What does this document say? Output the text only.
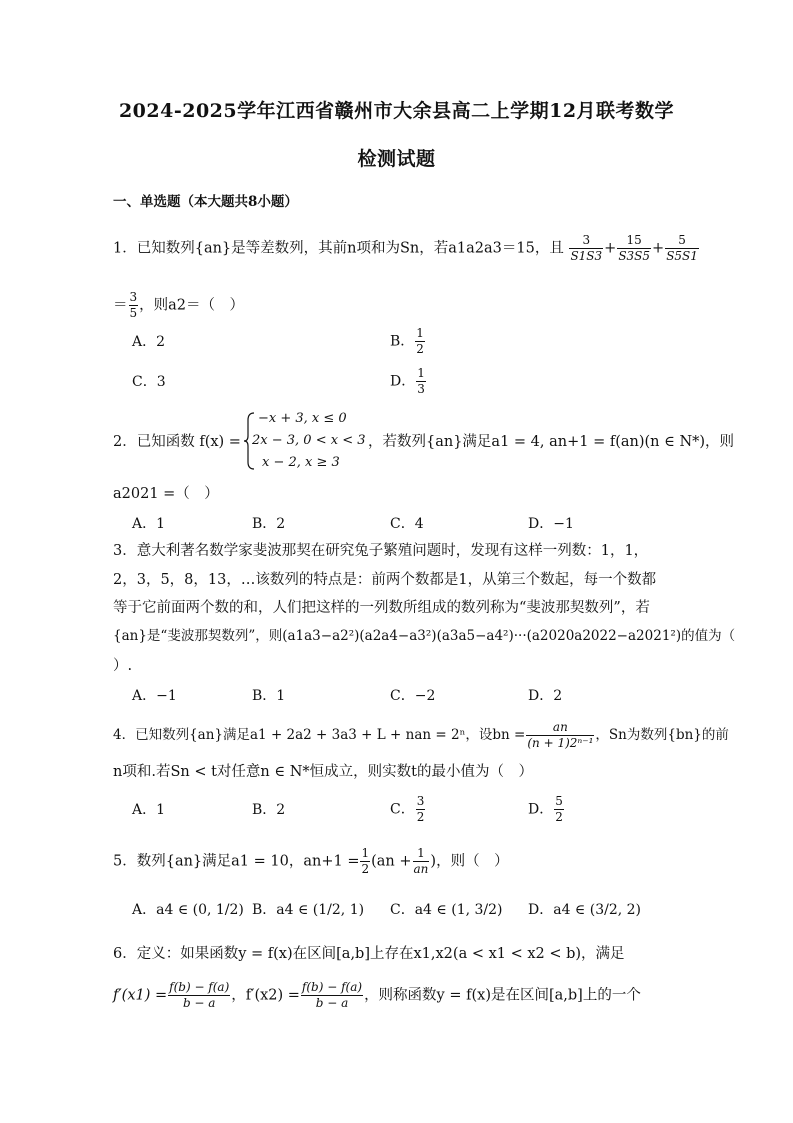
2024-2025学年江西省赣州市大余县高二上学期12月联考数学
检测试题
一、单选题（本大题共8小题）
1．已知数列{an}是等差数列，其前n项和为Sn，若a1a2a3＝15，且 $\frac{3}{S1S3} + \frac{15}{S3S5} + \frac{5}{S5S1}$
＝ $\frac{3}{5}$ ，则a2＝（　）
A．2	B． $\frac{1}{2}$
C．3	D． $\frac{1}{3}$
2．已知函数 f(x) =
−x + 3, x ≤ 0
2x − 3, 0 < x < 3
x − 2, x ≥ 3
，若数列{an}满足a1 = 4, an+1 = f(an)(n ∈ N*)，则
a2021 =（　）
A．1	B．2	C．4	D．−1
3．意大利著名数学家斐波那契在研究兔子繁殖问题时，发现有这样一列数：1，1，
2，3，5，8，13，…该数列的特点是：前两个数都是1，从第三个数起，每一个数都
等于它前面两个数的和，人们把这样的一列数所组成的数列称为“斐波那契数列”，若
{an}是“斐波那契数列”，则(a1a3−a2²)(a2a4−a3²)(a3a5−a4²)···(a2020a2022−a2021²)的值为（
）.
A．−1	B．1	C．−2	D．2
4．已知数列{an}满足a1 + 2a2 + 3a3 + L + nan = 2ⁿ，设bn = $\frac{an}{\text{(n + 1)2ⁿ⁻¹}}$ ，Sn为数列{bn}的前
n项和.若Sn < t对任意n ∈ N*恒成立，则实数t的最小值为（　）
A．1	B．2	C． $\frac{3}{2}$	D． $\frac{5}{2}$
5．数列{an}满足a1 = 10，$an+1 = \frac{1}{2} (an + \frac{1}{an}$ )，则（　）
A．a4 ∈ (0, 1/2) B．a4 ∈ (1/2, 1) C．a4 ∈ (1, 3/2) D．a4 ∈ (3/2, 2)
6．定义：如果函数y = f(x)在区间[a,b]上存在x1,x2(a < x1 < x2 < b)，满足
$f'(x1) = \frac{f(b) - f(a)}{b - a}$ ，$f'(x2) = \frac{f(b) - f(a)}{b - a}$ ，则称函数y = f(x)是在区间[a,b]上的一个
